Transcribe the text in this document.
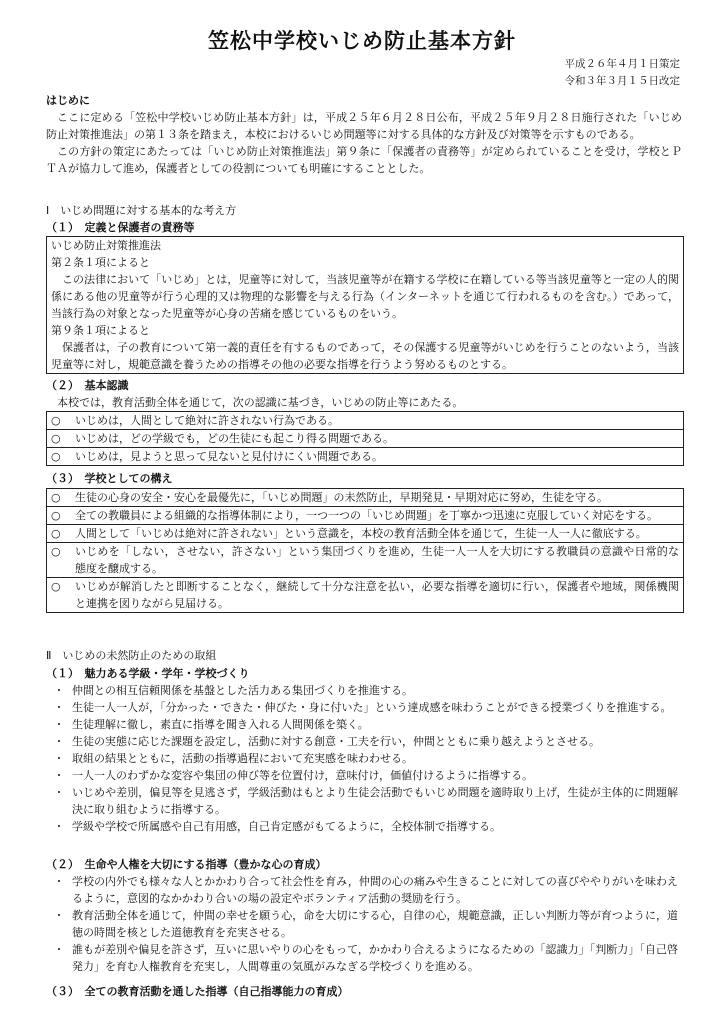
笠松中学校いじめ防止基本方針
平成２６年４月１日策定
令和３年３月１５日改定
はじめに
ここに定める「笠松中学校いじめ防止基本方針」は，平成２５年６月２８日公布，平成２５年９月２８日施行された「いじめ防止対策推進法」の第１３条を踏まえ，本校におけるいじめ問題等に対する具体的な方針及び対策等を示すものである。
この方針の策定にあたっては「いじめ防止対策推進法」第９条に「保護者の責務等」が定められていることを受け，学校とＰＴＡが協力して進め，保護者としての役割についても明確にすることとした。
Ⅰ　いじめ問題に対する基本的な考え方
（１）　定義と保護者の責務等
いじめ防止対策推進法
第２条１項によると
この法律において「いじめ」とは，児童等に対して，当該児童等が在籍する学校に在籍している等当該児童等と一定の人的関係にある他の児童等が行う心理的又は物理的な影響を与える行為（インターネットを通じて行われるものを含む。）であって，当該行為の対象となった児童等が心身の苦痛を感じているものをいう。
第９条１項によると
保護者は，子の教育について第一義的責任を有するものであって，その保護する児童等がいじめを行うことのないよう，当該児童等に対し，規範意識を養うための指導その他の必要な指導を行うよう努めるものとする。
（２）　基本認識
本校では，教育活動全体を通じて，次の認識に基づき，いじめの防止等にあたる。
○	いじめは，人間として絶対に許されない行為である。
○	いじめは，どの学級でも，どの生徒にも起こり得る問題である。
○	いじめは，見ようと思って見ないと見付けにくい問題である。
（３）　学校としての構え
○	生徒の心身の安全・安心を最優先に，「いじめ問題」の未然防止，早期発見・早期対応に努め，生徒を守る。
○	全ての教職員による組織的な指導体制により，一つ一つの「いじめ問題」を丁寧かつ迅速に克服していく対応をする。
○	人間として「いじめは絶対に許されない」という意識を，本校の教育活動全体を通じて，生徒一人一人に徹底する。
○	いじめを「しない，させない，許さない」という集団づくりを進め，生徒一人一人を大切にする教職員の意識や日常的な態度を醸成する。
○	いじめが解消したと即断することなく，継続して十分な注意を払い，必要な指導を適切に行い，保護者や地域，関係機関と連携を図りながら見届ける。
Ⅱ　いじめの未然防止のための取組
（１）　魅力ある学級・学年・学校づくり
・ 仲間との相互信頼関係を基盤とした活力ある集団づくりを推進する。
・ 生徒一人一人が，「分かった・できた・伸びた・身に付いた」という達成感を味わうことができる授業づくりを推進する。
・ 生徒理解に徹し，素直に指導を聞き入れる人間関係を築く。
・ 生徒の実態に応じた課題を設定し，活動に対する創意・工夫を行い，仲間とともに乗り越えようとさせる。
・ 取組の結果とともに，活動の指導過程において充実感を味わわせる。
・ 一人一人のわずかな変容や集団の伸び等を位置付け，意味付け，価値付けるように指導する。
・ いじめや差別，偏見等を見逃さず，学級活動はもとより生徒会活動でもいじめ問題を適時取り上げ，生徒が主体的に問題解決に取り組むように指導する。
・ 学級や学校で所属感や自己有用感，自己肯定感がもてるように，全校体制で指導する。
（２）　生命や人権を大切にする指導（豊かな心の育成）
・ 学校の内外でも様々な人とかかわり合って社会性を育み，仲間の心の痛みや生きることに対しての喜びややりがいを味わえるように，意図的なかかわり合いの場の設定やボランティア活動の奨励を行う。
・ 教育活動全体を通じて，仲間の幸せを願う心，命を大切にする心，自律の心，規範意識，正しい判断力等が育つように，道徳の時間を核とした道徳教育を充実させる。
・ 誰もが差別や偏見を許さず，互いに思いやりの心をもって，かかわり合えるようになるための「認識力」「判断力」「自己啓発力」を育む人権教育を充実し，人間尊重の気風がみなぎる学校づくりを進める。
（３）　全ての教育活動を通した指導（自己指導能力の育成）
